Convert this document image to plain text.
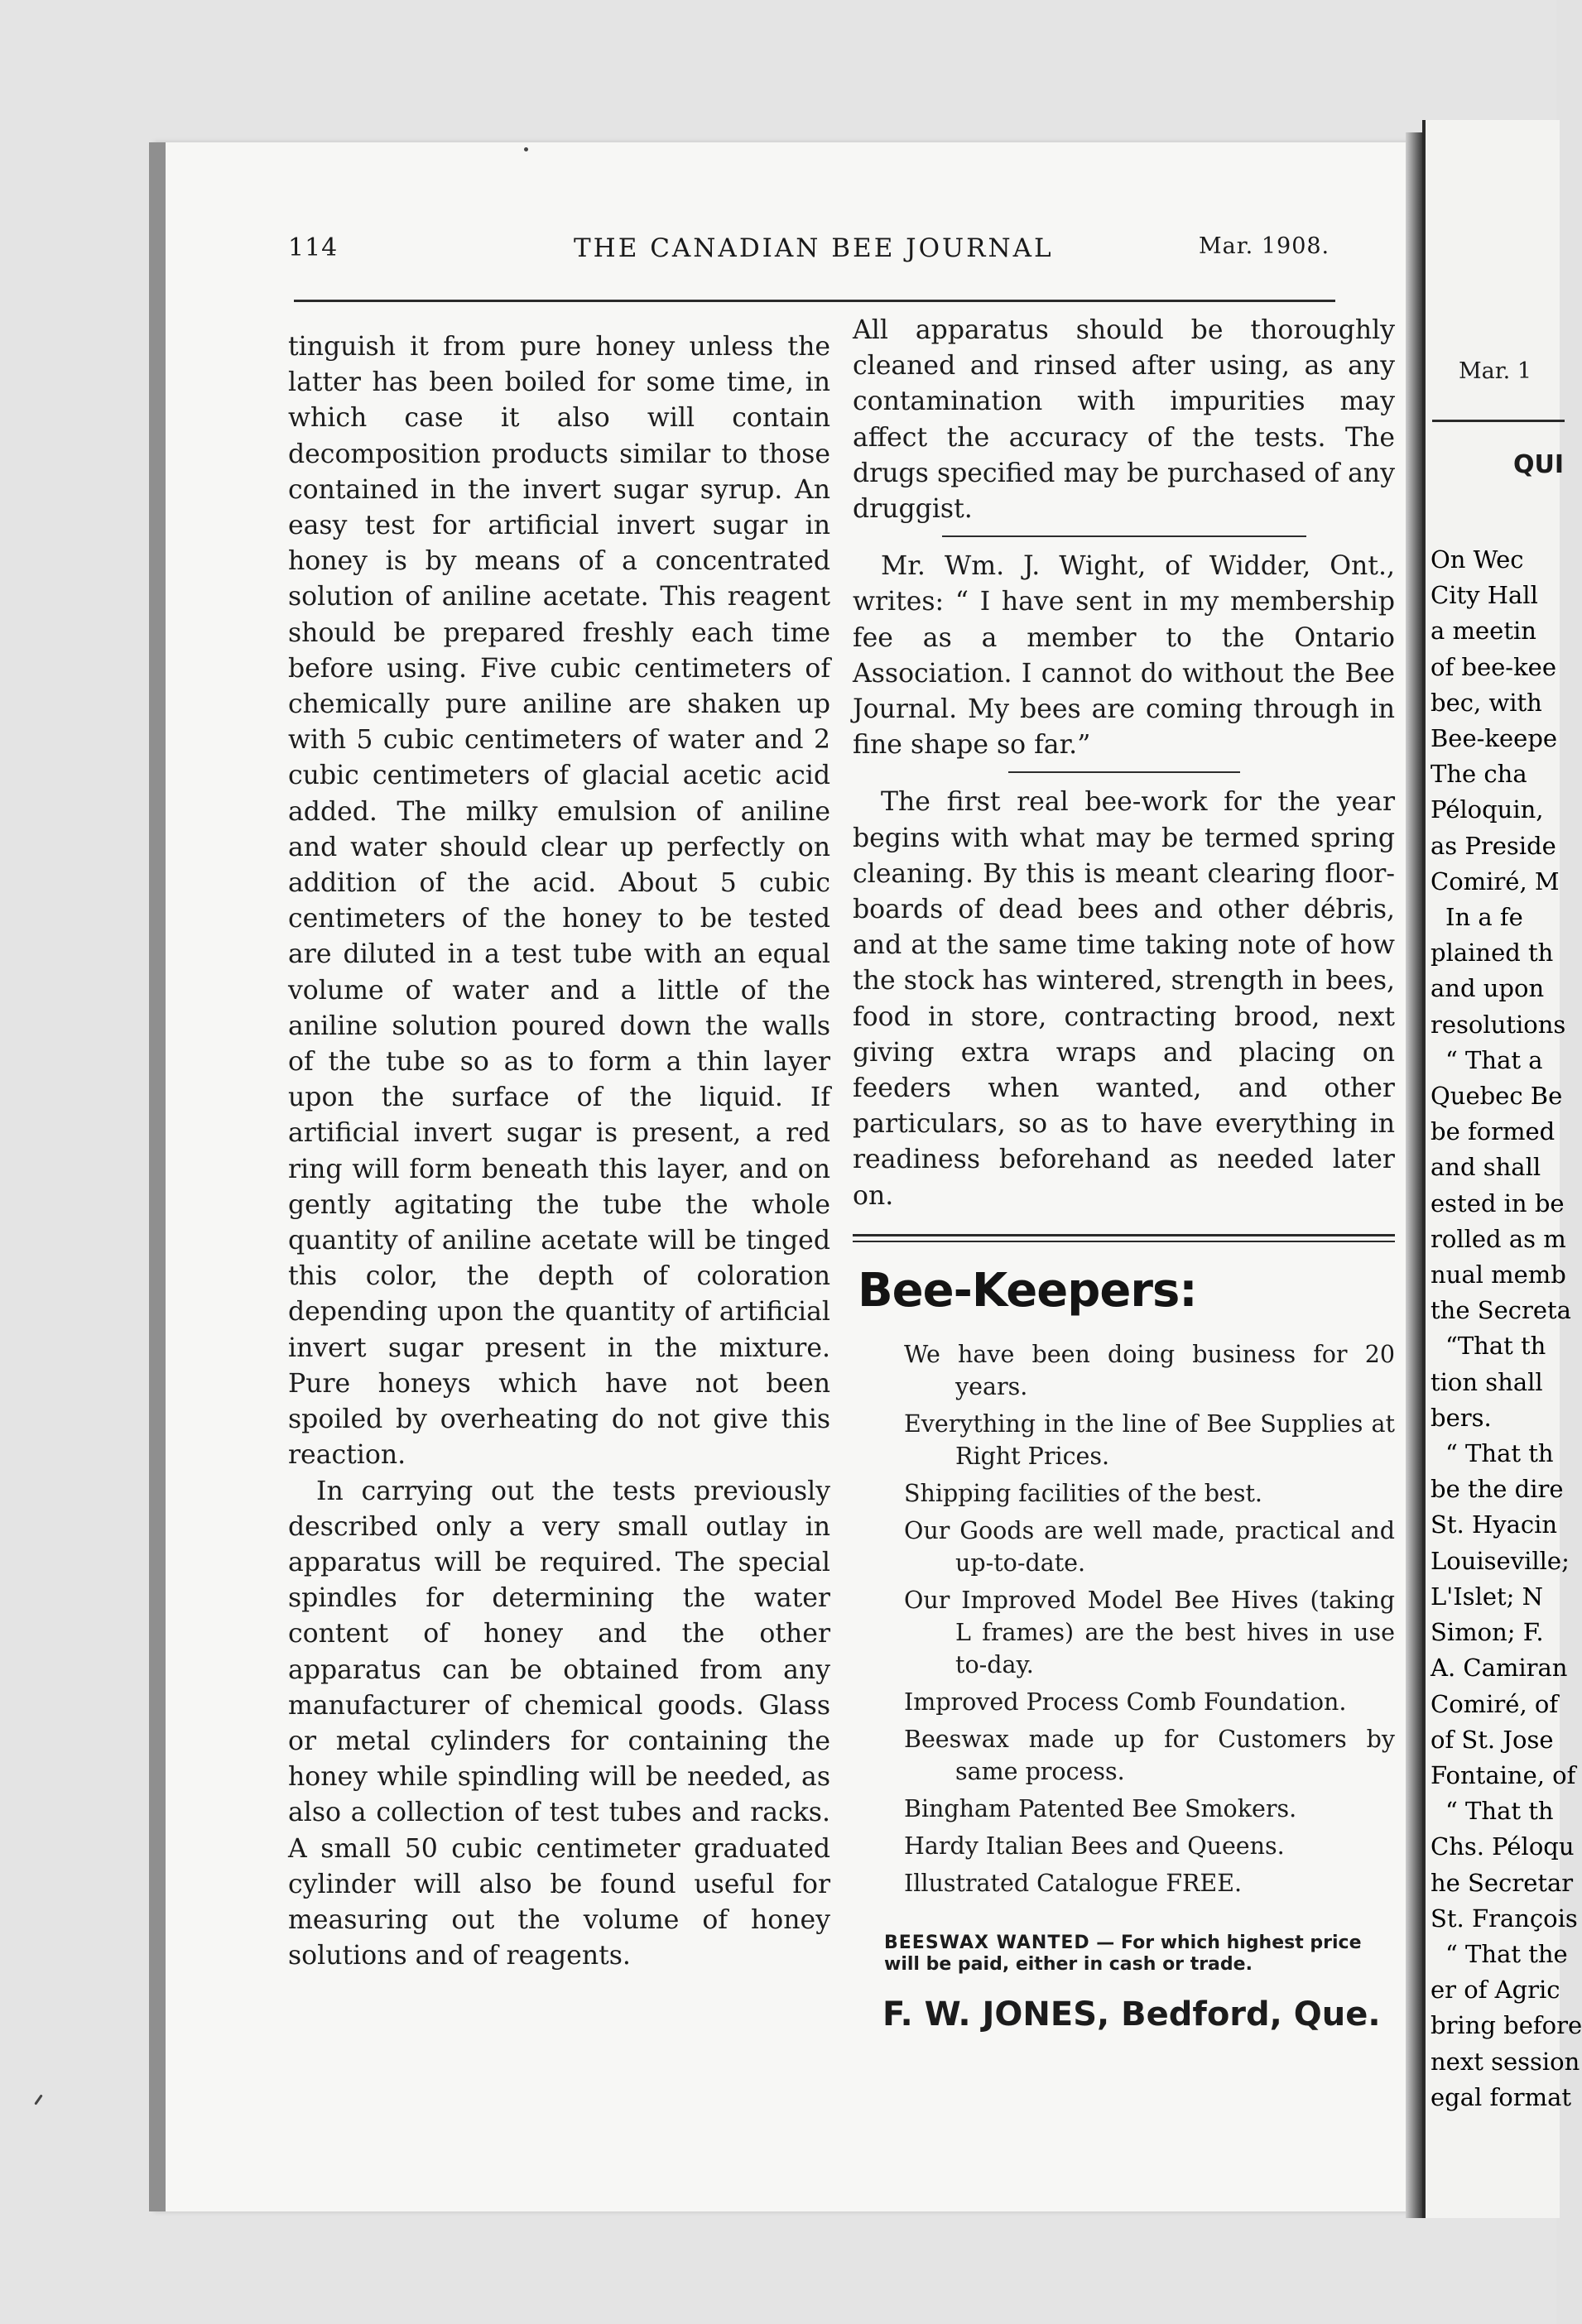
Mar. 1
QUI
On Wec
City Hall
a meetin
of bee-kee
bec, with
Bee-keepe
The cha
Péloquin,
as Preside
Comiré, M
In a fe
plained th
and upon
resolutions
“ That a
Quebec Be
be formed
and shall
ested in be
rolled as m
nual memb
the Secreta
“That th
tion shall
bers.
“ That th
be the dire
St. Hyacin
Louiseville;
L'Islet; N
Simon; F.
A. Camiran
Comiré, of
of St. Jose
Fontaine, of
“ That th
Chs. Péloqu
he Secretar
St. François
“ That the
er of Agric
bring before
next session
egal format
114	THE CANADIAN BEE JOURNAL	Mar. 1908.

tinguish it from pure honey unless the latter has been boiled for some time, in which case it also will contain decomposition products similar to those contained in the invert sugar syrup. An easy test for artificial invert sugar in honey is by means of a concentrated solution of aniline acetate. This reagent should be prepared freshly each time before using. Five cubic centimeters of chemically pure aniline are shaken up with 5 cubic centimeters of water and 2 cubic centimeters of glacial acetic acid added. The milky emulsion of aniline and water should clear up perfectly on addition of the acid. About 5 cubic centimeters of the honey to be tested are diluted in a test tube with an equal volume of water and a little of the aniline solution poured down the walls of the tube so as to form a thin layer upon the surface of the liquid. If artificial invert sugar is present, a red ring will form beneath this layer, and on gently agitating the tube the whole quantity of aniline acetate will be tinged this color, the depth of coloration depending upon the quantity of artificial invert sugar present in the mixture. Pure honeys which have not been spoiled by overheating do not give this reaction.

In carrying out the tests previously described only a very small outlay in apparatus will be required. The special spindles for determining the water content of honey and the other apparatus can be obtained from any manufacturer of chemical goods. Glass or metal cylinders for containing the honey while spindling will be needed, as also a collection of test tubes and racks. A small 50 cubic centimeter graduated cylinder will also be found useful for measuring out the volume of honey solutions and of reagents.

All apparatus should be thoroughly cleaned and rinsed after using, as any contamination with impurities may affect the accuracy of the tests. The drugs specified may be purchased of any druggist.

Mr. Wm. J. Wight, of Widder, Ont., writes: “ I have sent in my membership fee as a member to the Ontario Association. I cannot do without the Bee Journal. My bees are coming through in fine shape so far.”

The first real bee-work for the year begins with what may be termed spring cleaning. By this is meant clearing floor-boards of dead bees and other débris, and at the same time taking note of how the stock has wintered, strength in bees, food in store, contracting brood, next giving extra wraps and placing on feeders when wanted, and other particulars, so as to have everything in readiness beforehand as needed later on.

Bee-Keepers:
We have been doing business for 20 years.
Everything in the line of Bee Supplies at Right Prices.
Shipping facilities of the best.
Our Goods are well made, practical and up-to-date.
Our Improved Model Bee Hives (taking L frames) are the best hives in use to-day.
Improved Process Comb Foundation.
Beeswax made up for Customers by same process.
Bingham Patented Bee Smokers.
Hardy Italian Bees and Queens.
Illustrated Catalogue FREE.
BEESWAX WANTED — For which highest price will be paid, either in cash or trade.
F. W. JONES, Bedford, Que.
